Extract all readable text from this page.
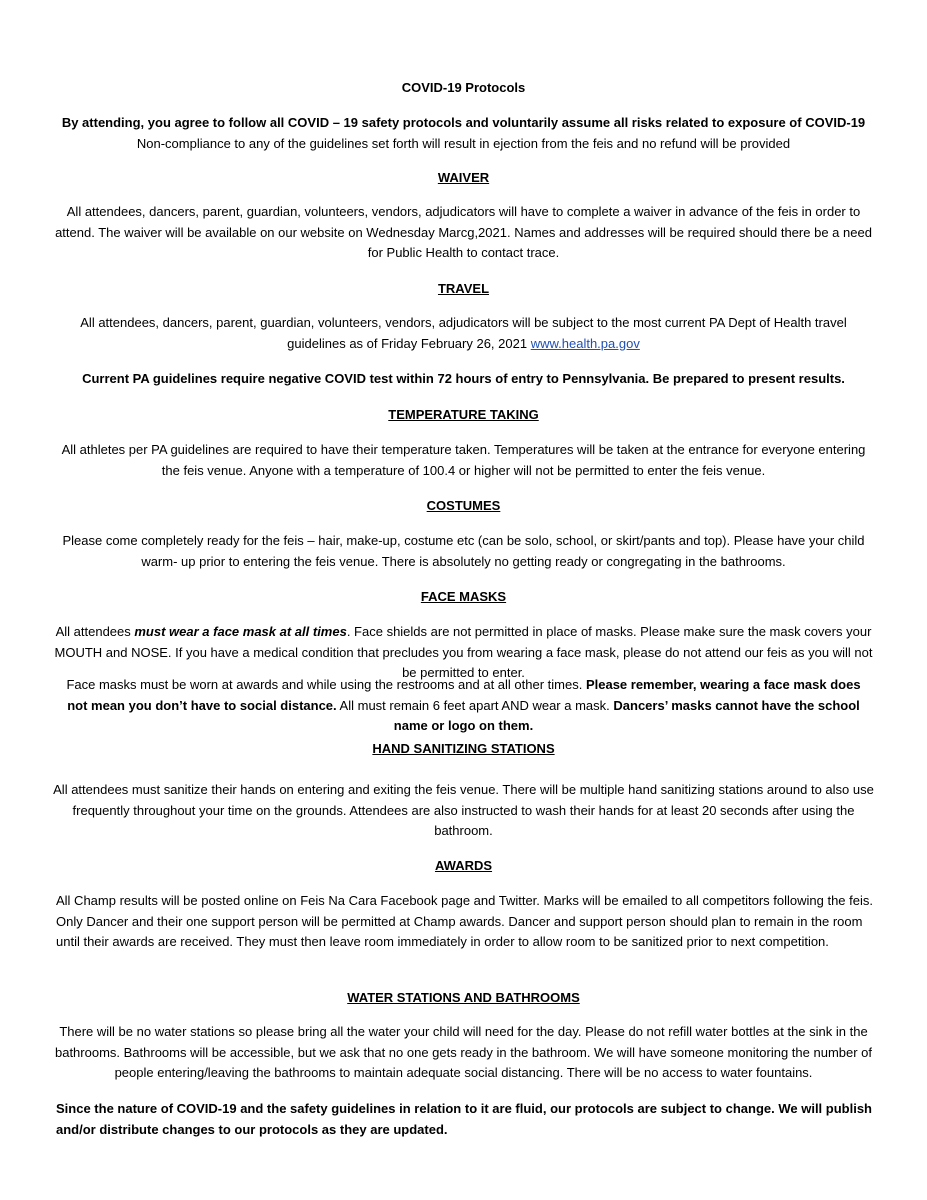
COVID-19 Protocols
By attending, you agree to follow all COVID – 19 safety protocols and voluntarily assume all risks related to exposure of COVID-19
Non-compliance to any of the guidelines set forth will result in ejection from the feis and no refund will be provided
WAIVER
All attendees, dancers, parent, guardian, volunteers, vendors, adjudicators will have to complete a waiver in advance of the feis in order to attend. The waiver will be available on our website on Wednesday Marcg,2021. Names and addresses will be required should there be a need for Public Health to contact trace.
TRAVEL
All attendees, dancers, parent, guardian, volunteers, vendors, adjudicators will be subject to the most current PA Dept of Health travel guidelines as of Friday February 26, 2021 www.health.pa.gov
Current PA guidelines require negative COVID test within 72 hours of entry to Pennsylvania. Be prepared to present results.
TEMPERATURE TAKING
All athletes per PA guidelines are required to have their temperature taken. Temperatures will be taken at the entrance for everyone entering the feis venue. Anyone with a temperature of 100.4 or higher will not be permitted to enter the feis venue.
COSTUMES
Please come completely ready for the feis – hair, make-up, costume etc (can be solo, school, or skirt/pants and top). Please have your child warm- up prior to entering the feis venue. There is absolutely no getting ready or congregating in the bathrooms.
FACE MASKS
All attendees must wear a face mask at all times. Face shields are not permitted in place of masks. Please make sure the mask covers your MOUTH and NOSE. If you have a medical condition that precludes you from wearing a face mask, please do not attend our feis as you will not be permitted to enter.
Face masks must be worn at awards and while using the restrooms and at all other times. Please remember, wearing a face mask does not mean you don’t have to social distance. All must remain 6 feet apart AND wear a mask. Dancers’ masks cannot have the school name or logo on them.
HAND SANITIZING STATIONS
All attendees must sanitize their hands on entering and exiting the feis venue. There will be multiple hand sanitizing stations around to also use frequently throughout your time on the grounds. Attendees are also instructed to wash their hands for at least 20 seconds after using the bathroom.
AWARDS
All Champ results will be posted online on Feis Na Cara Facebook page and Twitter. Marks will be emailed to all competitors following the feis. Only Dancer and their one support person will be permitted at Champ awards. Dancer and support person should plan to remain in the room until their awards are received. They must then leave room immediately in order to allow room to be sanitized prior to next competition.
WATER STATIONS AND BATHROOMS
There will be no water stations so please bring all the water your child will need for the day. Please do not refill water bottles at the sink in the bathrooms. Bathrooms will be accessible, but we ask that no one gets ready in the bathroom. We will have someone monitoring the number of people entering/leaving the bathrooms to maintain adequate social distancing. There will be no access to water fountains.
Since the nature of COVID-19 and the safety guidelines in relation to it are fluid, our protocols are subject to change. We will publish and/or distribute changes to our protocols as they are updated.
